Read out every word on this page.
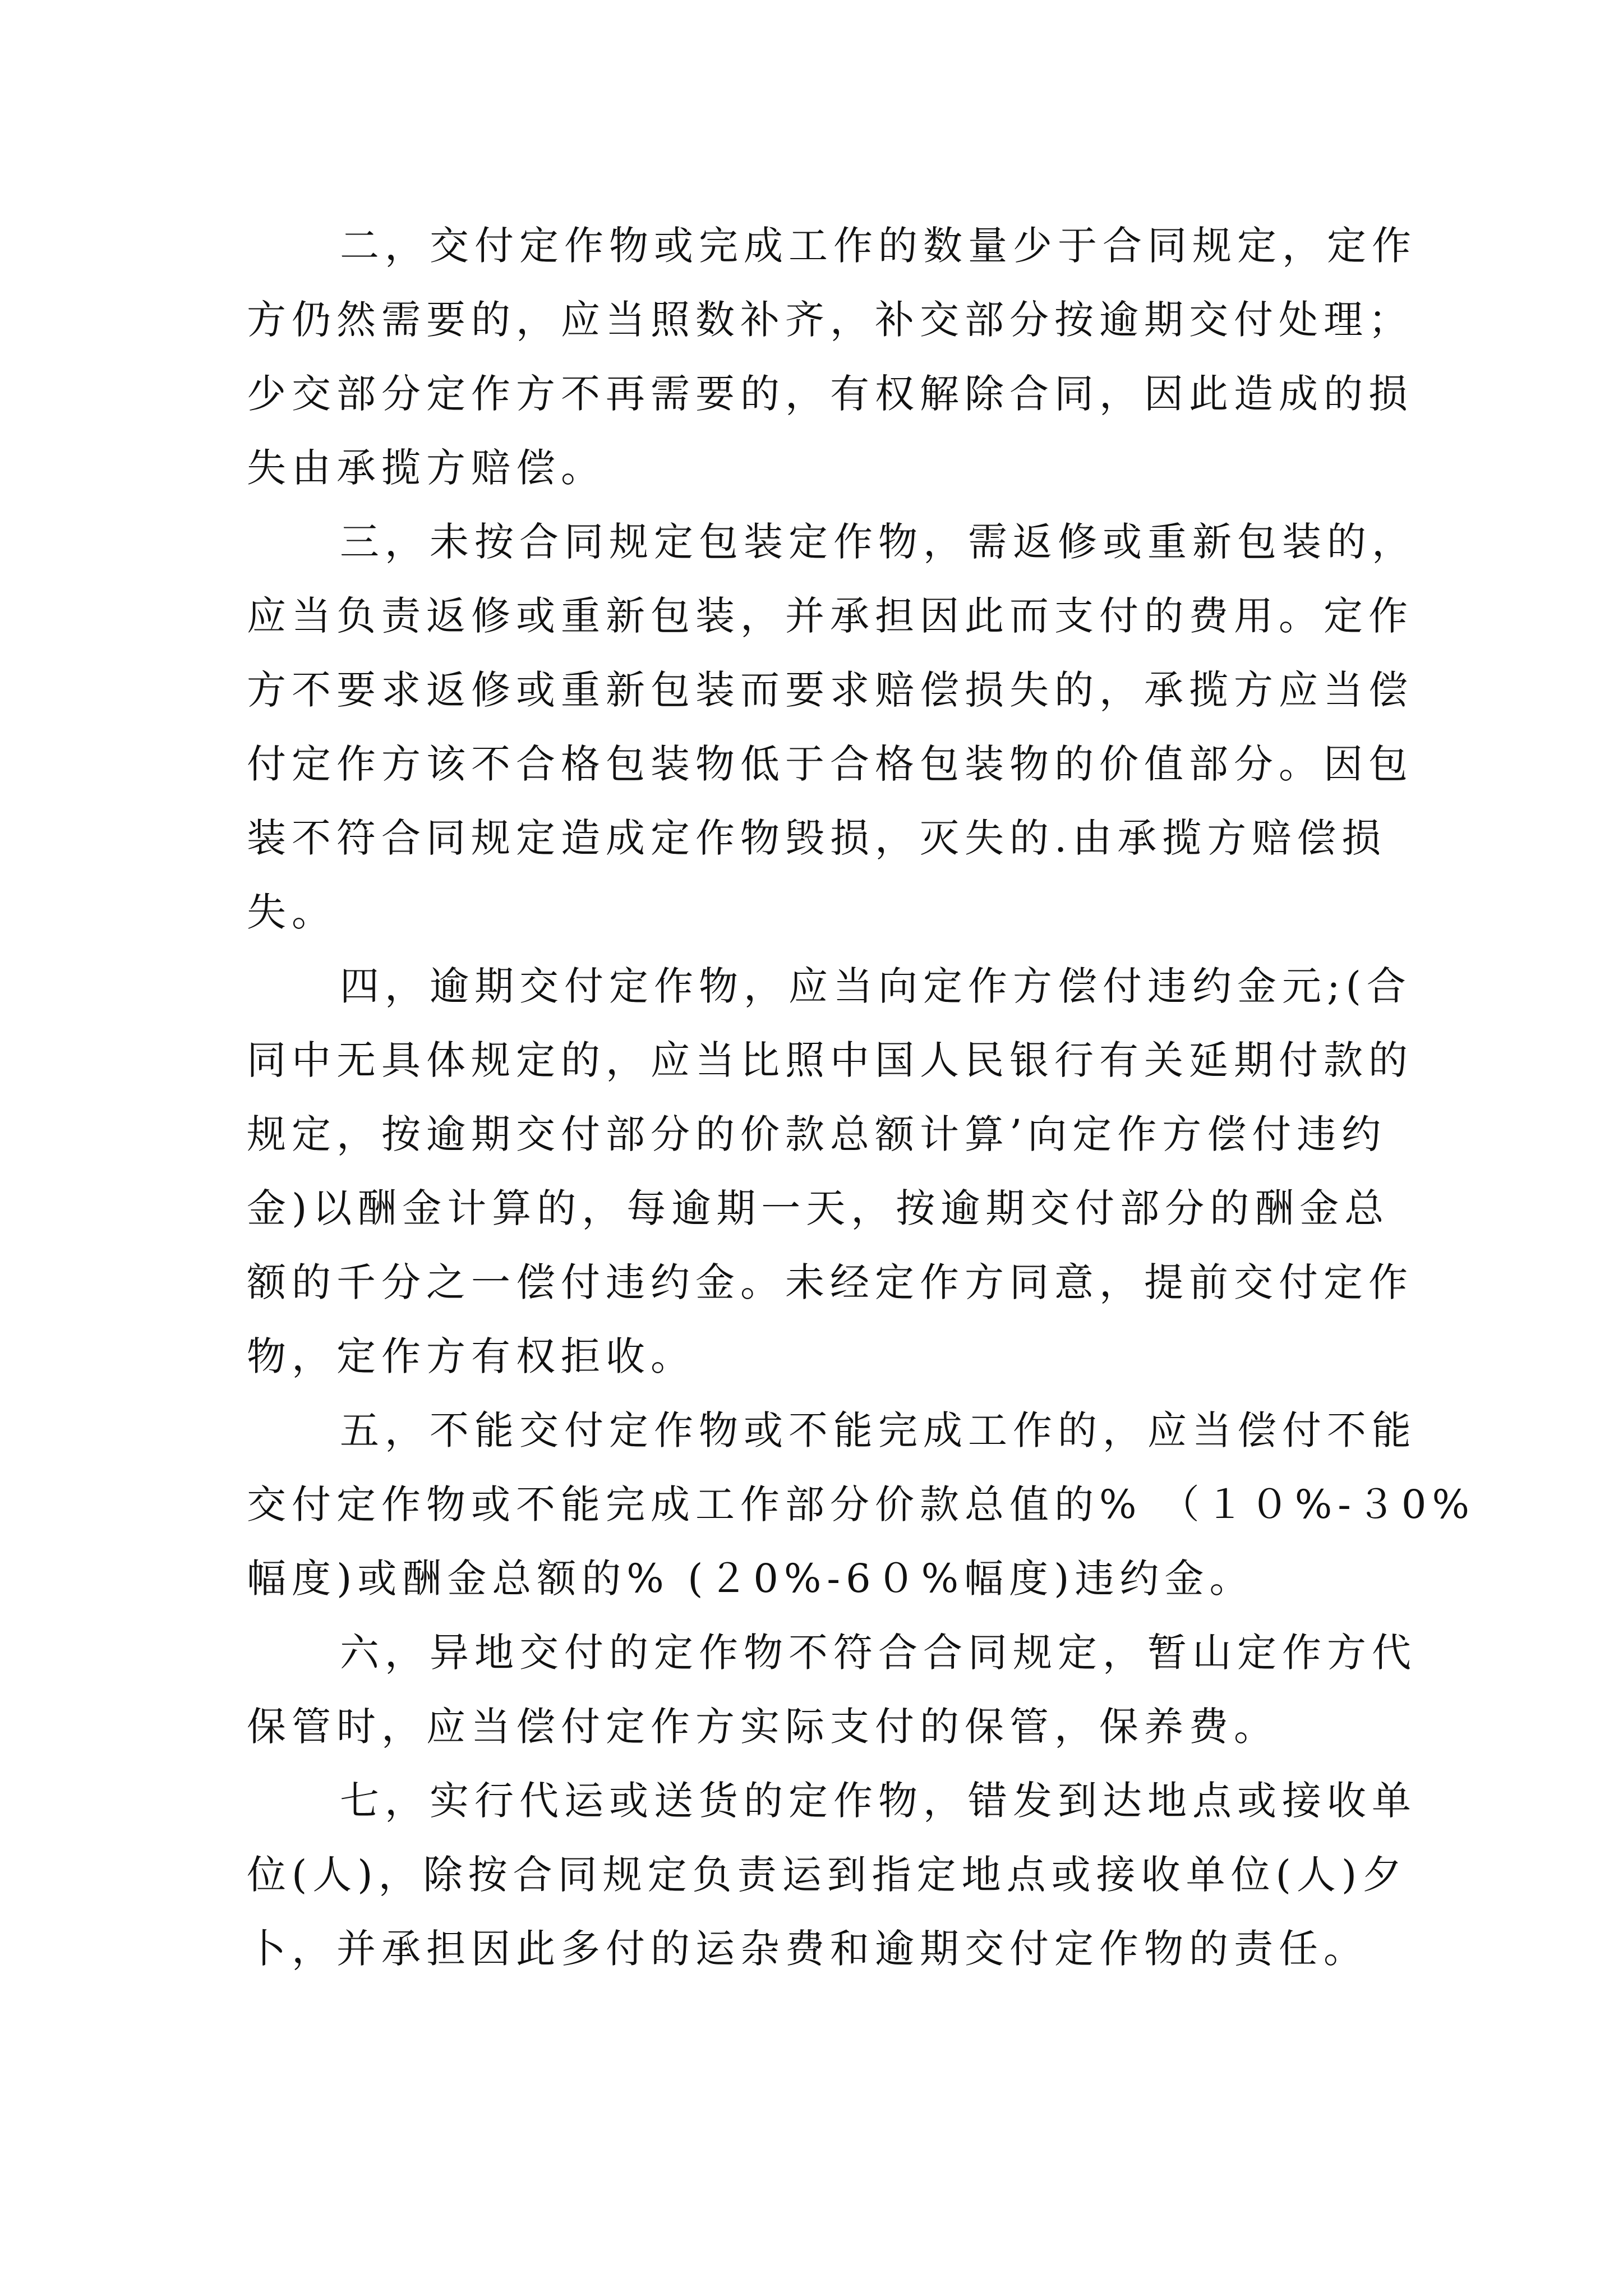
二，交付定作物或完成工作的数量少于合同规定，定作
方仍然需要的，应当照数补齐，补交部分按逾期交付处理；
少交部分定作方不再需要的，有权解除合同，因此造成的损
失由承揽方赔偿。
三，未按合同规定包装定作物，需返修或重新包装的，
应当负责返修或重新包装，并承担因此而支付的费用。定作
方不要求返修或重新包装而要求赔偿损失的，承揽方应当偿
付定作方该不合格包装物低于合格包装物的价值部分。因包
装不符合同规定造成定作物毁损，灭失的.由承揽方赔偿损
失。
四，逾期交付定作物，应当向定作方偿付违约金元;(合
同中无具体规定的，应当比照中国人民银行有关延期付款的
规定，按逾期交付部分的价款总额计算’向定作方偿付违约
金)以酬金计算的，每逾期一天，按逾期交付部分的酬金总
额的千分之一偿付违约金。未经定作方同意，提前交付定作
物，定作方有权拒收。
五，不能交付定作物或不能完成工作的，应当偿付不能
交付定作物或不能完成工作部分价款总值的% （１０%-３0%
幅度)或酬金总额的% (２0%-6０%幅度)违约金。
六，异地交付的定作物不符合合同规定，暂山定作方代
保管时，应当偿付定作方实际支付的保管，保养费。
七，实行代运或送货的定作物，错发到达地点或接收单
位(人)，除按合同规定负责运到指定地点或接收单位(人)夕
卜，并承担因此多付的运杂费和逾期交付定作物的责任。
